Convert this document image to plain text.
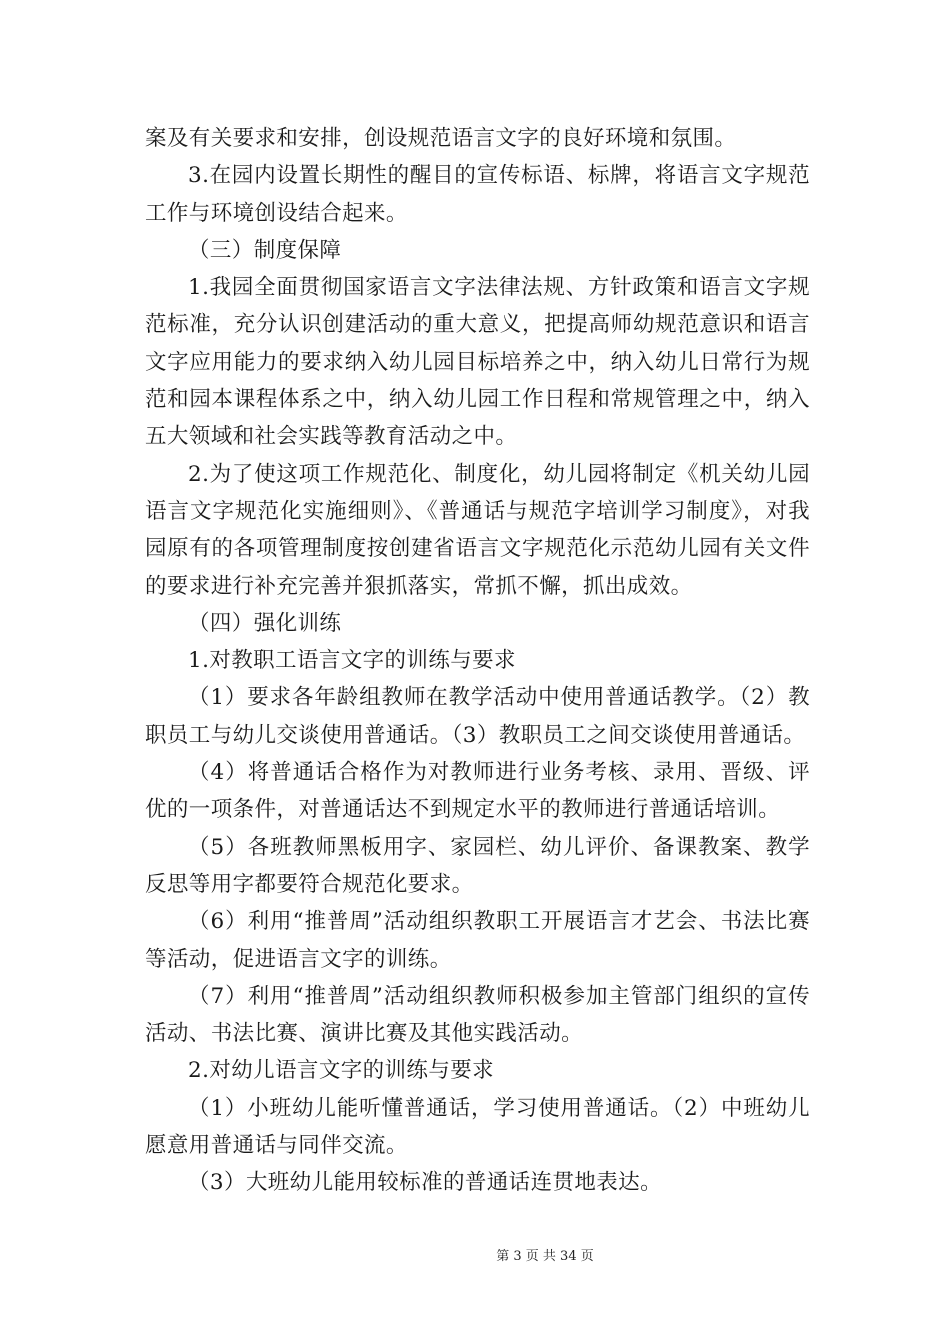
案及有关要求和安排，创设规范语言文字的良好环境和氛围。

3.在园内设置长期性的醒目的宣传标语、标牌，将语言文字规范工作与环境创设结合起来。

（三）制度保障

1.我园全面贯彻国家语言文字法律法规、方针政策和语言文字规范标准，充分认识创建活动的重大意义，把提高师幼规范意识和语言文字应用能力的要求纳入幼儿园目标培养之中，纳入幼儿日常行为规范和园本课程体系之中，纳入幼儿园工作日程和常规管理之中，纳入五大领域和社会实践等教育活动之中。

2.为了使这项工作规范化、制度化，幼儿园将制定《机关幼儿园语言文字规范化实施细则》、《普通话与规范字培训学习制度》，对我园原有的各项管理制度按创建省语言文字规范化示范幼儿园有关文件的要求进行补充完善并狠抓落实，常抓不懈，抓出成效。

（四）强化训练

1.对教职工语言文字的训练与要求

（1）要求各年龄组教师在教学活动中使用普通话教学。（2）教职员工与幼儿交谈使用普通话。（3）教职员工之间交谈使用普通话。

（4）将普通话合格作为对教师进行业务考核、录用、晋级、评优的一项条件，对普通话达不到规定水平的教师进行普通话培训。

（5）各班教师黑板用字、家园栏、幼儿评价、备课教案、教学反思等用字都要符合规范化要求。

（6）利用“推普周”活动组织教职工开展语言才艺会、书法比赛等活动，促进语言文字的训练。

（7）利用“推普周”活动组织教师积极参加主管部门组织的宣传活动、书法比赛、演讲比赛及其他实践活动。

2.对幼儿语言文字的训练与要求

（1）小班幼儿能听懂普通话，学习使用普通话。（2）中班幼儿愿意用普通话与同伴交流。

（3）大班幼儿能用较标准的普通话连贯地表达。

第 3 页 共 34 页
